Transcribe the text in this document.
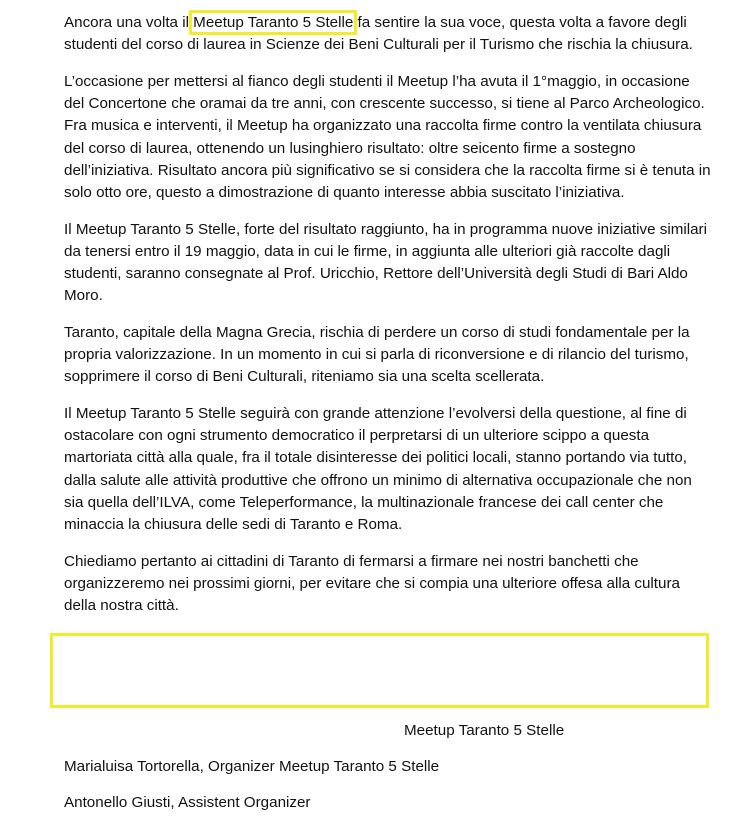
Ancora una volta il Meetup Taranto 5 Stelle fa sentire la sua voce, questa volta a favore degli studenti del corso di laurea in Scienze dei Beni Culturali per il Turismo che rischia la chiusura.

L’occasione per mettersi al fianco degli studenti il Meetup l’ha avuta il 1°maggio, in occasione del Concertone che oramai da tre anni, con crescente successo, si tiene al Parco Archeologico. Fra musica e interventi, il Meetup ha organizzato una raccolta firme contro la ventilata chiusura del corso di laurea, ottenendo un lusinghiero risultato: oltre seicento firme a sostegno dell’iniziativa. Risultato ancora più significativo se si considera che la raccolta firme si è tenuta in solo otto ore, questo a dimostrazione di quanto interesse abbia suscitato l’iniziativa.

Il Meetup Taranto 5 Stelle, forte del risultato raggiunto, ha in programma nuove iniziative similari da tenersi entro il 19 maggio, data in cui le firme, in aggiunta alle ulteriori già raccolte dagli studenti, saranno consegnate al Prof. Uricchio, Rettore dell’Università degli Studi di Bari Aldo Moro.

Taranto, capitale della Magna Grecia, rischia di perdere un corso di studi fondamentale per la propria valorizzazione. In un momento in cui si parla di riconversione e di rilancio del turismo, sopprimere il corso di Beni Culturali, riteniamo sia una scelta scellerata.

Il Meetup Taranto 5 Stelle seguirà con grande attenzione l’evolversi della questione, al fine di ostacolare con ogni strumento democratico il perpretarsi di un ulteriore scippo a questa martoriata città alla quale, fra il totale disinteresse dei politici locali, stanno portando via tutto, dalla salute alle attività produttive che offrono un minimo di alternativa occupazionale che non sia quella dell’ILVA, come Teleperformance, la multinazionale francese dei call center che minaccia la chiusura delle sedi di Taranto e Roma.

Chiediamo pertanto ai cittadini di Taranto di fermarsi a firmare nei nostri banchetti che organizzeremo nei prossimi giorni, per evitare che si compia una ulteriore offesa alla cultura della nostra città.

Meetup Taranto 5 Stelle
Marialuisa Tortorella, Organizer Meetup Taranto 5 Stelle
Antonello Giusti, Assistent Organizer
